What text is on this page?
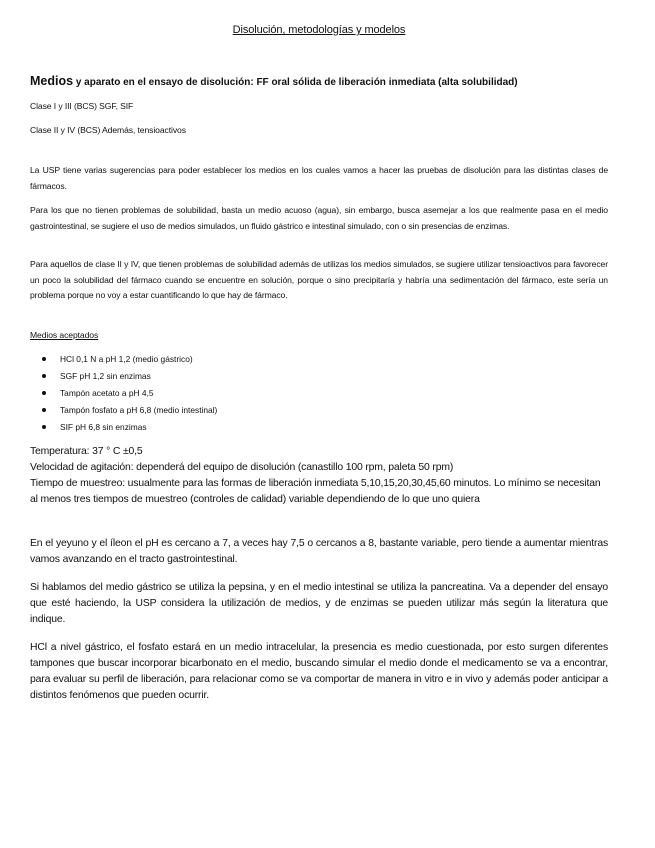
Disolución, metodologías y modelos
Medios y aparato en el ensayo de disolución: FF oral sólida de liberación inmediata (alta solubilidad)
Clase I y III (BCS) SGF, SIF
Clase II y IV (BCS) Además, tensioactivos

La USP tiene varias sugerencias para poder establecer los medios en los cuales vamos a hacer las pruebas de disolución para las distintas clases de fármacos.

Para los que no tienen problemas de solubilidad, basta un medio acuoso (agua), sin embargo, busca asemejar a los que realmente pasa en el medio gastrointestinal, se sugiere el uso de medios simulados, un fluido gástrico e intestinal simulado, con o sin presencias de enzimas.

Para aquellos de clase II y IV, que tienen problemas de solubilidad además de utilizas los medios simulados, se sugiere utilizar tensioactivos para favorecer un poco la solubilidad del fármaco cuando se encuentre en solución, porque o sino precipitaría y habría una sedimentación del fármaco, este sería un problema porque no voy a estar cuantificando lo que hay de fármaco.

Medios aceptados
HCl 0,1 N a pH 1,2 (medio gástrico)
SGF pH 1,2 sin enzimas
Tampón acetato a pH 4,5
Tampón fosfato a pH 6,8 (medio intestinal)
SIF pH 6,8 sin enzimas
Temperatura: 37 ° C ±0,5
Velocidad de agitación: dependerá del equipo de disolución (canastillo 100 rpm, paleta 50 rpm)

Tiempo de muestreo: usualmente para las formas de liberación inmediata 5,10,15,20,30,45,60 minutos. Lo mínimo se necesitan al menos tres tiempos de muestreo (controles de calidad) variable dependiendo de lo que uno quiera

En el yeyuno y el íleon el pH es cercano a 7, a veces hay 7,5 o cercanos a 8, bastante variable, pero tiende a aumentar mientras vamos avanzando en el tracto gastrointestinal.

Si hablamos del medio gástrico se utiliza la pepsina, y en el medio intestinal se utiliza la pancreatina. Va a depender del ensayo que esté haciendo, la USP considera la utilización de medios, y de enzimas se pueden utilizar más según la literatura que indique.

HCl a nivel gástrico, el fosfato estará en un medio intracelular, la presencia es medio cuestionada, por esto surgen diferentes tampones que buscar incorporar bicarbonato en el medio, buscando simular el medio donde el medicamento se va a encontrar, para evaluar su perfil de liberación, para relacionar como se va comportar de manera in vitro e in vivo y además poder anticipar a distintos fenómenos que pueden ocurrir.
